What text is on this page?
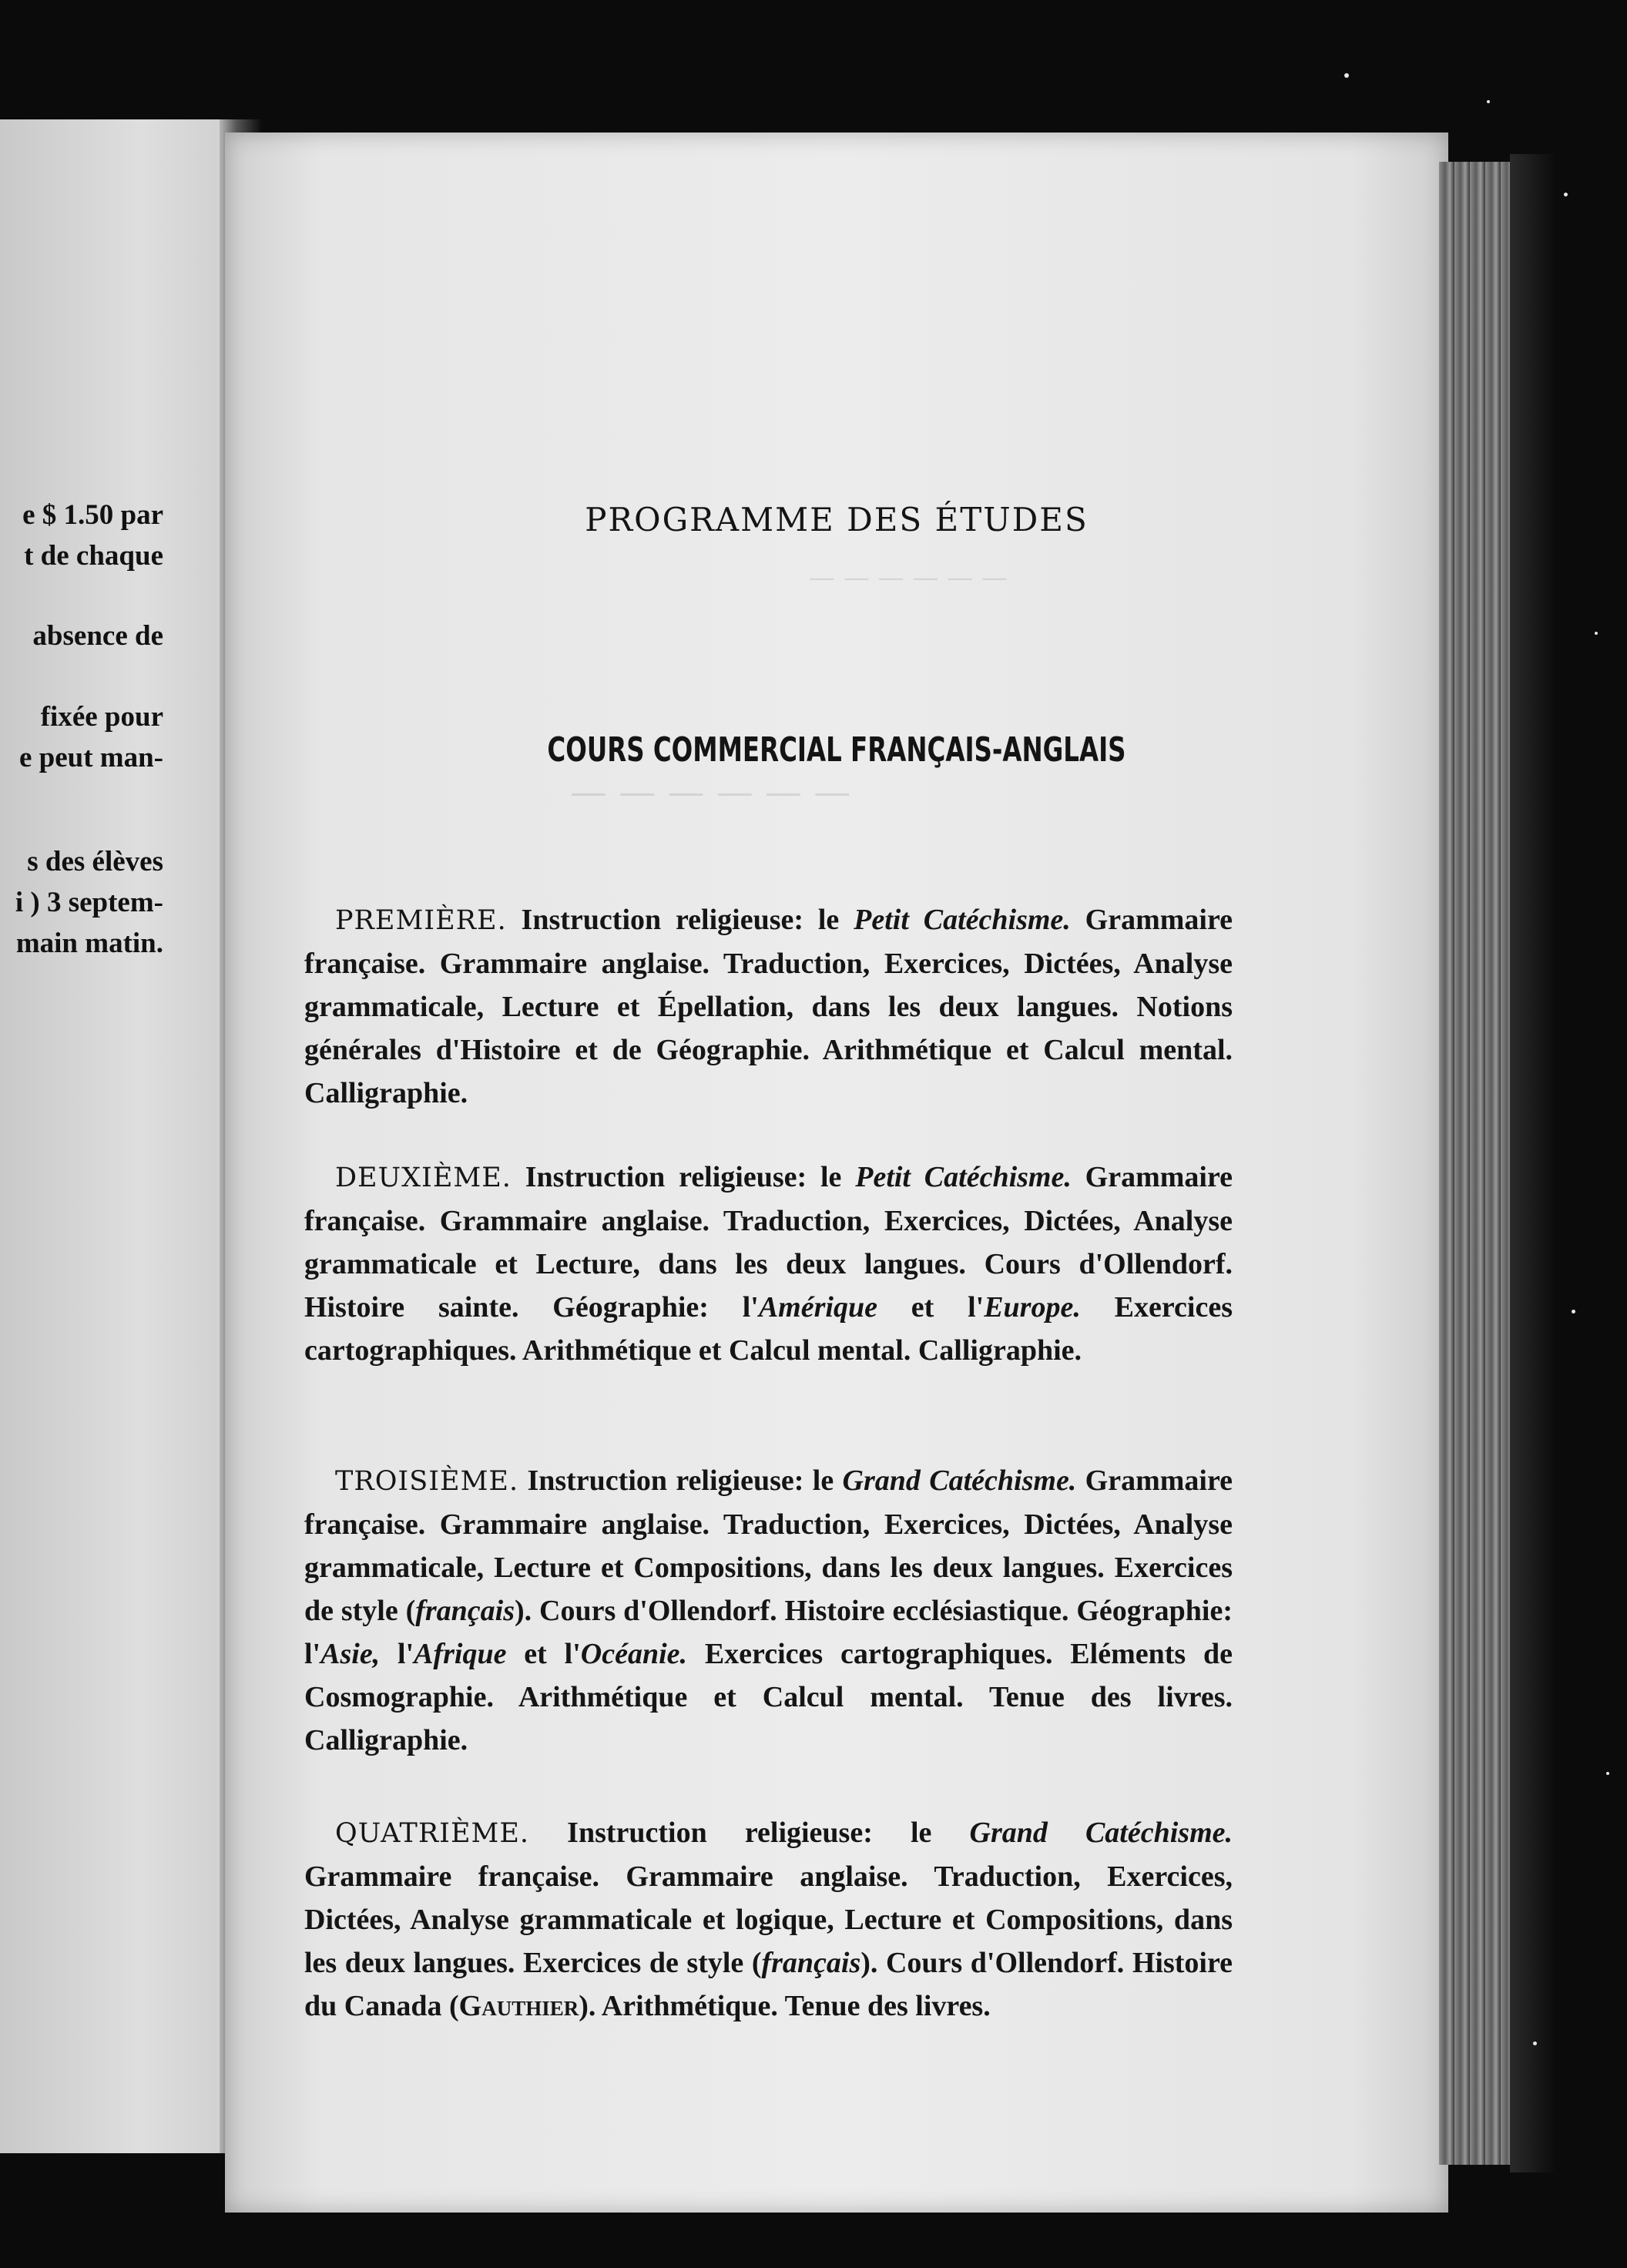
e $ 1.50 par
t de chaque
absence de
fixée pour
e peut man-
s des élèves
i ) 3 septem-
main matin.
— — — — — —
— — — — — —
PROGRAMME DES ÉTUDES
COURS COMMERCIAL FRANÇAIS-ANGLAIS

PREMIÈRE. Instruction religieuse: le Petit Catéchisme. Grammaire française. Grammaire anglaise. Traduction, Exercices, Dictées, Analyse grammaticale, Lecture et Épellation, dans les deux langues. Notions générales d'Histoire et de Géographie. Arithmétique et Calcul mental. Calligraphie.

DEUXIÈME. Instruction religieuse: le Petit Catéchisme. Grammaire française. Grammaire anglaise. Traduction, Exercices, Dictées, Analyse grammaticale et Lecture, dans les deux langues. Cours d'Ollendorf. Histoire sainte. Géographie: l'Amérique et l'Europe. Exercices cartographiques. Arithmétique et Calcul mental. Calligraphie.

TROISIÈME. Instruction religieuse: le Grand Catéchisme. Grammaire française. Grammaire anglaise. Traduction, Exercices, Dictées, Analyse grammaticale, Lecture et Compositions, dans les deux langues. Exercices de style (français). Cours d'Ollendorf. Histoire ecclésiastique. Géographie: l'Asie, l'Afrique et l'Océanie. Exercices cartographiques. Eléments de Cosmographie. Arithmétique et Calcul mental. Tenue des livres. Calligraphie.

QUATRIÈME. Instruction religieuse: le Grand Catéchisme. Grammaire française. Grammaire anglaise. Traduction, Exercices, Dictées, Analyse grammaticale et logique, Lecture et Compositions, dans les deux langues. Exercices de style (français). Cours d'Ollendorf. Histoire du Canada (Gauthier). Arithmétique. Tenue des livres.
